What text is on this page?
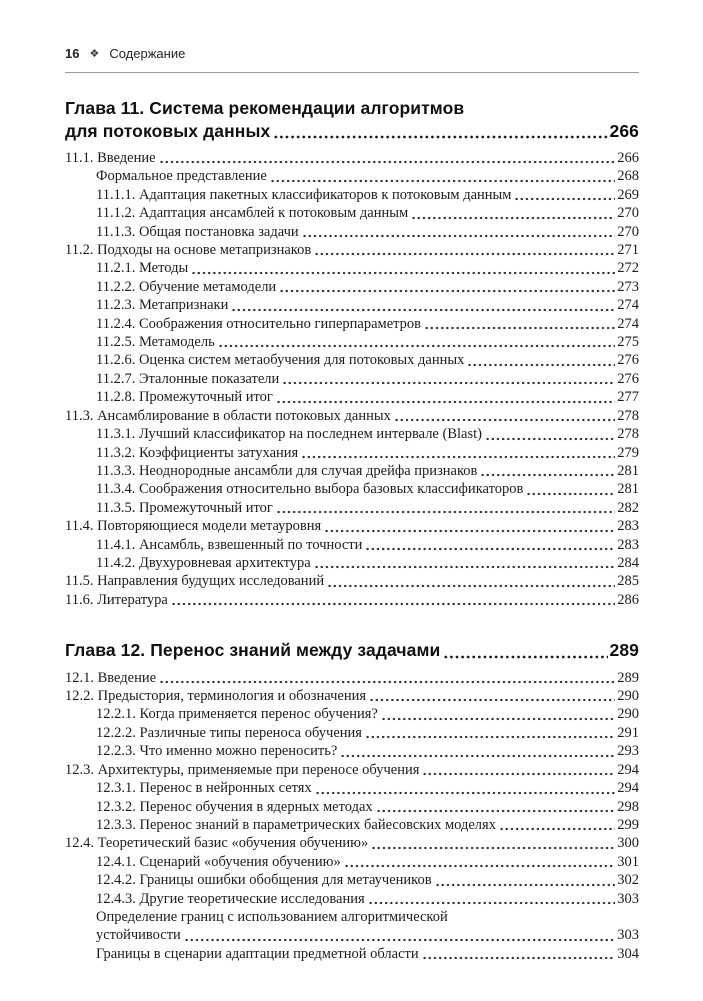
16 ❖ Содержание
Глава 11. Система рекомендации алгоритмов
для потоковых данных	266
11.1. Введение	266
Формальное представление	268
11.1.1. Адаптация пакетных классификаторов к потоковым данным	269
11.1.2. Адаптация ансамблей к потоковым данным	270
11.1.3. Общая постановка задачи	270
11.2. Подходы на основе метапризнаков	271
11.2.1. Методы	272
11.2.2. Обучение метамодели	273
11.2.3. Метапризнаки	274
11.2.4. Соображения относительно гиперпараметров	274
11.2.5. Метамодель	275
11.2.6. Оценка систем метаобучения для потоковых данных	276
11.2.7. Эталонные показатели	276
11.2.8. Промежуточный итог	277
11.3. Ансамблирование в области потоковых данных	278
11.3.1. Лучший классификатор на последнем интервале (Blast)	278
11.3.2. Коэффициенты затухания	279
11.3.3. Неоднородные ансамбли для случая дрейфа признаков	281
11.3.4. Соображения относительно выбора базовых классификаторов	281
11.3.5. Промежуточный итог	282
11.4. Повторяющиеся модели метауровня	283
11.4.1. Ансамбль, взвешенный по точности	283
11.4.2. Двухуровневая архитектура	284
11.5. Направления будущих исследований	285
11.6. Литература	286
Глава 12. Перенос знаний между задачами	289
12.1. Введение	289
12.2. Предыстория, терминология и обозначения	290
12.2.1. Когда применяется перенос обучения?	290
12.2.2. Различные типы переноса обучения	291
12.2.3. Что именно можно переносить?	293
12.3. Архитектуры, применяемые при переносе обучения	294
12.3.1. Перенос в нейронных сетях	294
12.3.2. Перенос обучения в ядерных методах	298
12.3.3. Перенос знаний в параметрических байесовских моделях	299
12.4. Теоретический базис «обучения обучению»	300
12.4.1. Сценарий «обучения обучению»	301
12.4.2. Границы ошибки обобщения для метаучеников	302
12.4.3. Другие теоретические исследования	303
Определение границ с использованием алгоритмической
устойчивости	303
Границы в сценарии адаптации предметной области	304
